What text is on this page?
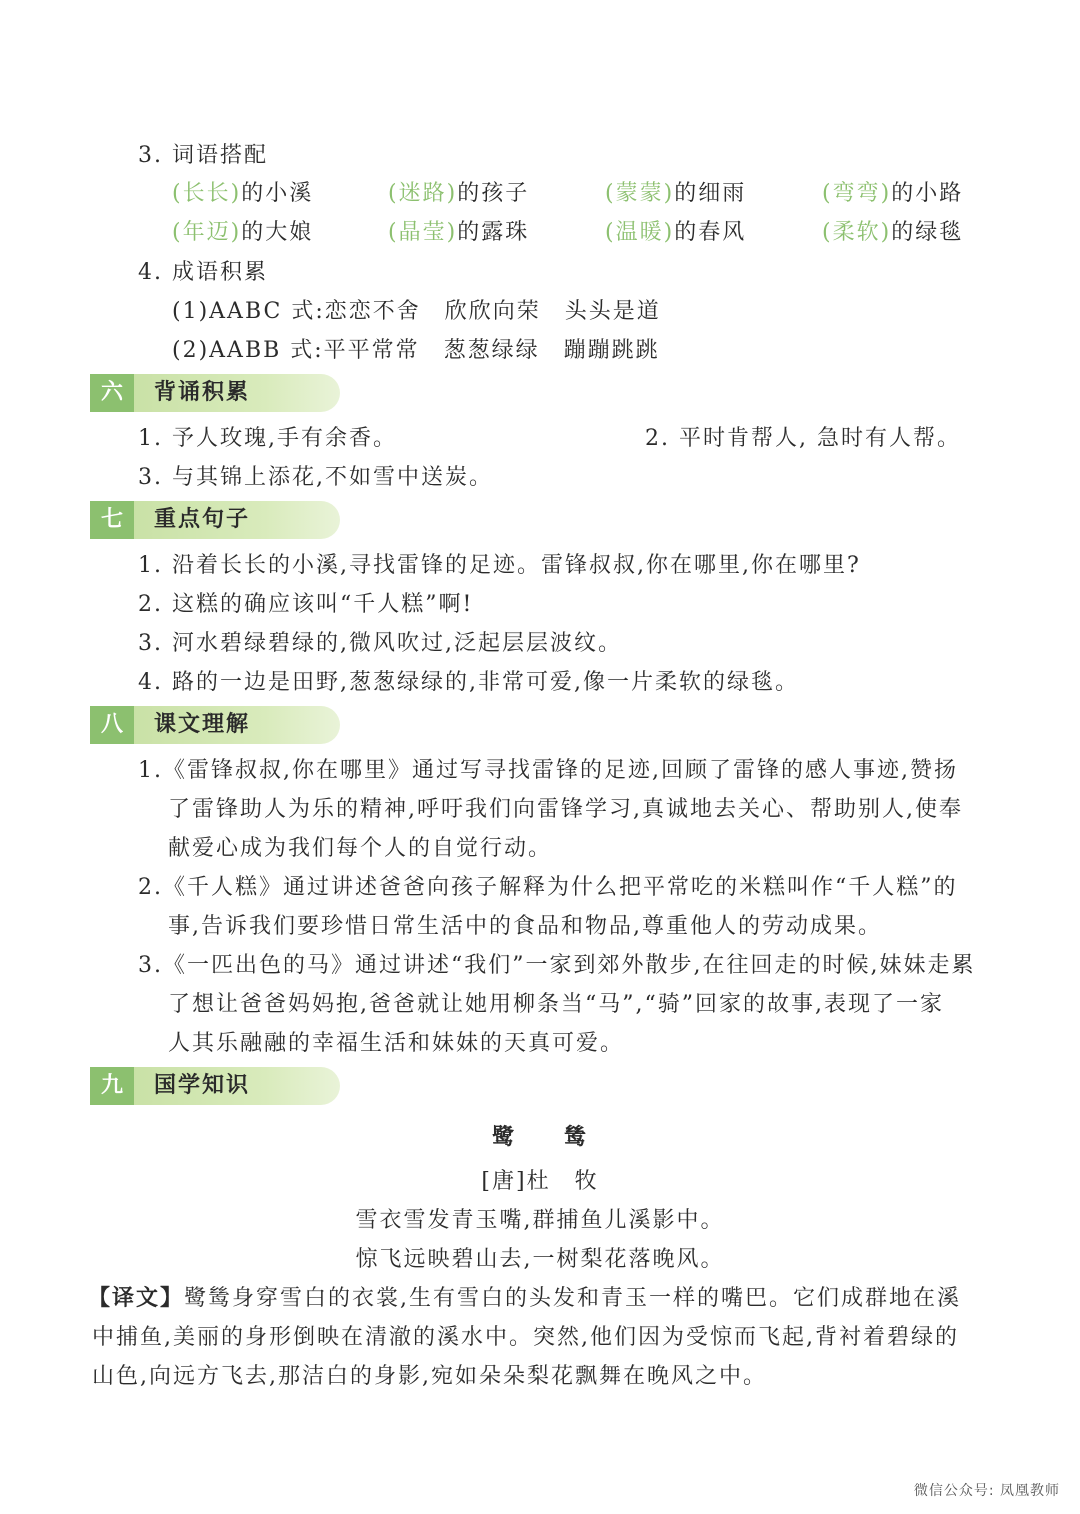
3. 词语搭配
(长长)的小溪	(迷路)的孩子	(蒙蒙)的细雨	(弯弯)的小路
(年迈)的大娘	(晶莹)的露珠	(温暖)的春风	(柔软)的绿毯
4. 成语积累
(1)AABC 式:恋恋不舍　欣欣向荣　头头是道
(2)AABB 式:平平常常　葱葱绿绿　蹦蹦跳跳
六	背诵积累
1. 予人玫瑰,手有余香。	2. 平时肯帮人, 急时有人帮。
3. 与其锦上添花,不如雪中送炭。
七	重点句子
1. 沿着长长的小溪,寻找雷锋的足迹。雷锋叔叔,你在哪里,你在哪里?
2. 这糕的确应该叫“千人糕”啊!
3. 河水碧绿碧绿的,微风吹过,泛起层层波纹。
4. 路的一边是田野,葱葱绿绿的,非常可爱,像一片柔软的绿毯。
八	课文理解
1.《雷锋叔叔,你在哪里》通过写寻找雷锋的足迹,回顾了雷锋的感人事迹,赞扬
了雷锋助人为乐的精神,呼吁我们向雷锋学习,真诚地去关心、帮助别人,使奉
献爱心成为我们每个人的自觉行动。
2.《千人糕》通过讲述爸爸向孩子解释为什么把平常吃的米糕叫作“千人糕”的
事,告诉我们要珍惜日常生活中的食品和物品,尊重他人的劳动成果。
3.《一匹出色的马》通过讲述“我们”一家到郊外散步,在往回走的时候,妹妹走累
了想让爸爸妈妈抱,爸爸就让她用柳条当“马”,“骑”回家的故事,表现了一家
人其乐融融的幸福生活和妹妹的天真可爱。
九	国学知识
鹭　　鸶
[唐]杜　牧
雪衣雪发青玉嘴,群捕鱼儿溪影中。
惊飞远映碧山去,一树梨花落晚风。
【译文】鹭鸶身穿雪白的衣裳,生有雪白的头发和青玉一样的嘴巴。它们成群地在溪
中捕鱼,美丽的身形倒映在清澈的溪水中。突然,他们因为受惊而飞起,背衬着碧绿的
山色,向远方飞去,那洁白的身影,宛如朵朵梨花飘舞在晚风之中。
微信公众号: 凤凰教师
